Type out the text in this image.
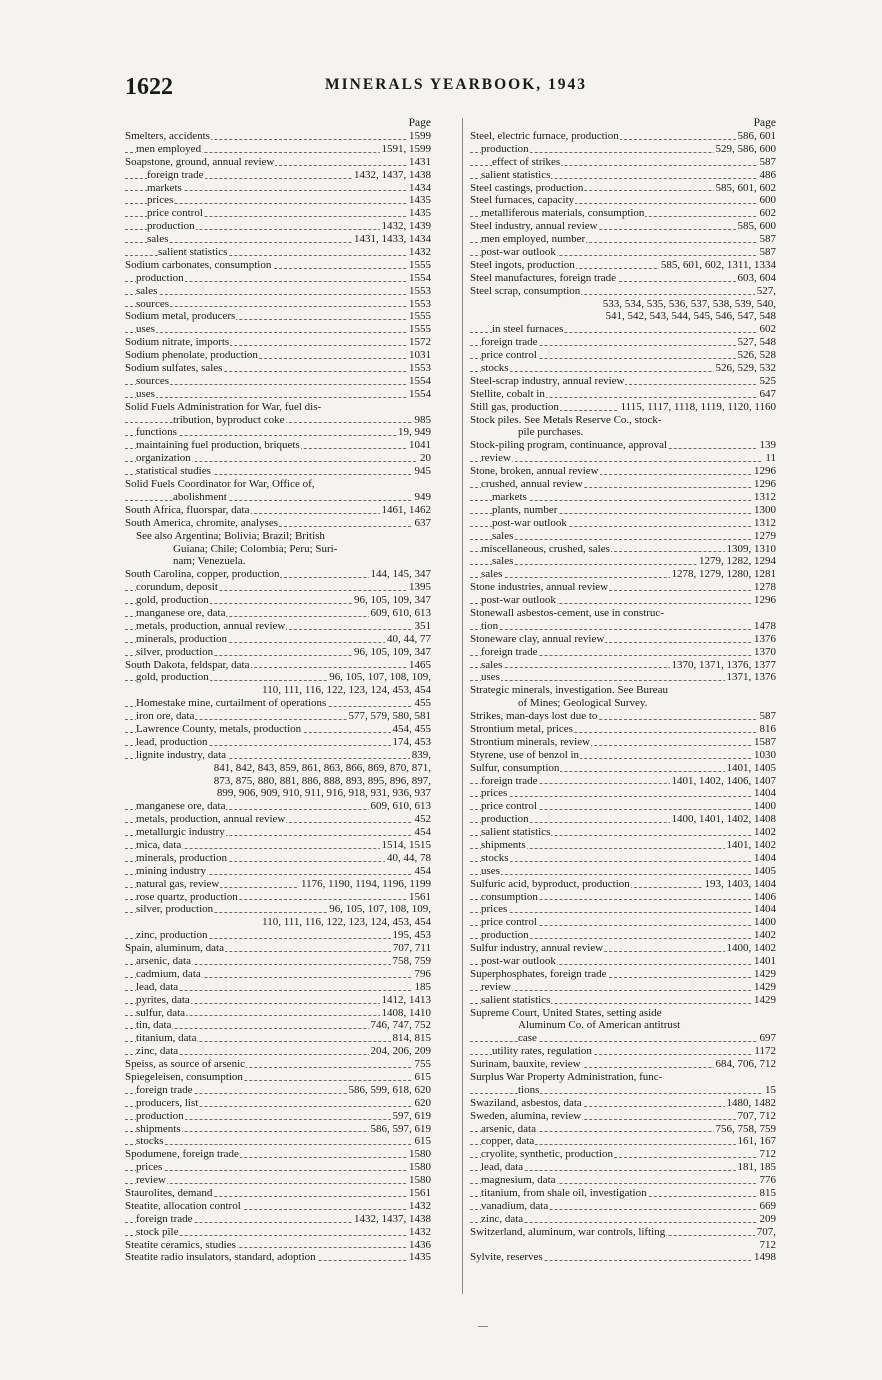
1622	MINERALS YEARBOOK, 1943
Page
Smelters, accidents	1599
men employed	1591, 1599
Soapstone, ground, annual review	1431
foreign trade	1432, 1437, 1438
markets	1434
prices	1435
price control	1435
production	1432, 1439
sales	1431, 1433, 1434
salient statistics	1432
Sodium carbonates, consumption	1555
production	1554
sales	1553
sources	1553
Sodium metal, producers	1555
uses	1555
Sodium nitrate, imports	1572
Sodium phenolate, production	1031
Sodium sulfates, sales	1553
sources	1554
uses	1554
Solid Fuels Administration for War, fuel dis-
tribution, byproduct coke	985
functions	19, 949
maintaining fuel production, briquets	1041
organization	20
statistical studies	945
Solid Fuels Coordinator for War, Office of,
abolishment	949
South Africa, fluorspar, data	1461, 1462
South America, chromite, analyses	637
See also Argentina; Bolivia; Brazil; British
Guiana; Chile; Colombia; Peru; Suri-
nam; Venezuela.
South Carolina, copper, production	144, 145, 347
corundum, deposit	1395
gold, production	96, 105, 109, 347
manganese ore, data	609, 610, 613
metals, production, annual review	351
minerals, production	40, 44, 77
silver, production	96, 105, 109, 347
South Dakota, feldspar, data	1465
gold, production	96, 105, 107, 108, 109,
110, 111, 116, 122, 123, 124, 453, 454
Homestake mine, curtailment of operations	455
iron ore, data	577, 579, 580, 581
Lawrence County, metals, production	454, 455
lead, production	174, 453
lignite industry, data	839,
841, 842, 843, 859, 861, 863, 866, 869, 870, 871,
873, 875, 880, 881, 886, 888, 893, 895, 896, 897,
899, 906, 909, 910, 911, 916, 918, 931, 936, 937
manganese ore, data	609, 610, 613
metals, production, annual review	452
metallurgic industry	454
mica, data	1514, 1515
minerals, production	40, 44, 78
mining industry	454
natural gas, review	1176, 1190, 1194, 1196, 1199
rose quartz, production	1561
silver, production	96, 105, 107, 108, 109,
110, 111, 116, 122, 123, 124, 453, 454
zinc, production	195, 453
Spain, aluminum, data	707, 711
arsenic, data	758, 759
cadmium, data	796
lead, data	185
pyrites, data	1412, 1413
sulfur, data	1408, 1410
tin, data	746, 747, 752
titanium, data	814, 815
zinc, data	204, 206, 209
Speiss, as source of arsenic	755
Spiegeleisen, consumption	615
foreign trade	586, 599, 618, 620
producers, list	620
production	597, 619
shipments	586, 597, 619
stocks	615
Spodumene, foreign trade	1580
prices	1580
review	1580
Staurolites, demand	1561
Steatite, allocation control	1432
foreign trade	1432, 1437, 1438
stock pile	1432
Steatite ceramics, studies	1436
Steatite radio insulators, standard, adoption	1435
Page
Steel, electric furnace, production	586, 601
production	529, 586, 600
effect of strikes	587
salient statistics	486
Steel castings, production	585, 601, 602
Steel furnaces, capacity	600
metalliferous materials, consumption	602
Steel industry, annual review	585, 600
men employed, number	587
post-war outlook	587
Steel ingots, production	585, 601, 602, 1311, 1334
Steel manufactures, foreign trade	603, 604
Steel scrap, consumption	527,
533, 534, 535, 536, 537, 538, 539, 540,
541, 542, 543, 544, 545, 546, 547, 548
in steel furnaces	602
foreign trade	527, 548
price control	526, 528
stocks	526, 529, 532
Steel-scrap industry, annual review	525
Stellite, cobalt in	647
Still gas, production	1115, 1117, 1118, 1119, 1120, 1160
Stock piles. See Metals Reserve Co., stock-
pile purchases.
Stock-piling program, continuance, approval	139
review	11
Stone, broken, annual review	1296
crushed, annual review	1296
markets	1312
plants, number	1300
post-war outlook	1312
sales	1279
miscellaneous, crushed, sales	1309, 1310
sales	1279, 1282, 1294
sales	1278, 1279, 1280, 1281
Stone industries, annual review	1278
post-war outlook	1296
Stonewall asbestos-cement, use in construc-
tion	1478
Stoneware clay, annual review	1376
foreign trade	1370
sales	1370, 1371, 1376, 1377
uses	1371, 1376
Strategic minerals, investigation. See Bureau
of Mines; Geological Survey.
Strikes, man-days lost due to	587
Strontium metal, prices	816
Strontium minerals, review	1587
Styrene, use of benzol in	1030
Sulfur, consumption	1401, 1405
foreign trade	1401, 1402, 1406, 1407
prices	1404
price control	1400
production	1400, 1401, 1402, 1408
salient statistics	1402
shipments	1401, 1402
stocks	1404
uses	1405
Sulfuric acid, byproduct, production	193, 1403, 1404
consumption	1406
prices	1404
price control	1400
production	1402
Sulfur industry, annual review	1400, 1402
post-war outlook	1401
Superphosphates, foreign trade	1429
review	1429
salient statistics	1429
Supreme Court, United States, setting aside
Aluminum Co. of American antitrust
case	697
utility rates, regulation	1172
Surinam, bauxite, review	684, 706, 712
Surplus War Property Administration, func-
tions	15
Swaziland, asbestos, data	1480, 1482
Sweden, alumina, review	707, 712
arsenic, data	756, 758, 759
copper, data	161, 167
cryolite, synthetic, production	712
lead, data	181, 185
magnesium, data	776
titanium, from shale oil, investigation	815
vanadium, data	669
zinc, data	209
Switzerland, aluminum, war controls, lifting	707,
712
Sylvite, reserves	1498
